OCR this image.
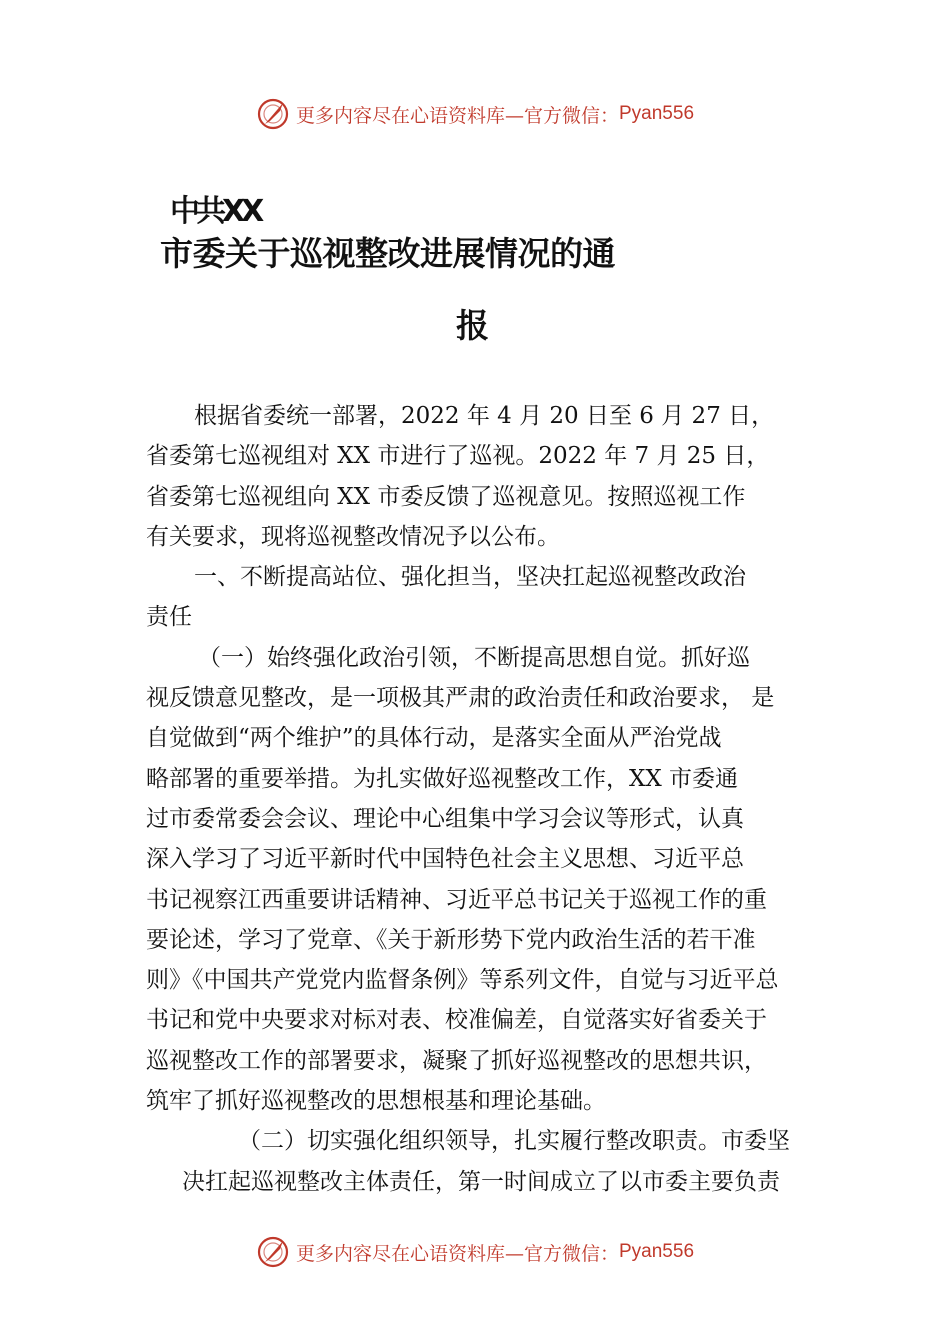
更多内容尽在心语资料库—官方微信： Pyan556
中共XX
市委关于巡视整改进展情况的通
报
根据省委统一部署，2022 年 4 月 20 日至 6 月 27 日，
省委第七巡视组对 XX 市进行了巡视。2022 年 7 月 25 日，
省委第七巡视组向 XX 市委反馈了巡视意见。按照巡视工作
有关要求，现将巡视整改情况予以公布。
一、不断提高站位、强化担当，坚决扛起巡视整改政治
责任
（一）始终强化政治引领，不断提高思想自觉。抓好巡
视反馈意见整改，是一项极其严肃的政治责任和政治要求， 是
自觉做到“两个维护”的具体行动，是落实全面从严治党战
略部署的重要举措。为扎实做好巡视整改工作，XX 市委通
过市委常委会会议、理论中心组集中学习会议等形式，认真
深入学习了习近平新时代中国特色社会主义思想、习近平总
书记视察江西重要讲话精神、习近平总书记关于巡视工作的重
要论述，学习了党章、《关于新形势下党内政治生活的若干准
则》《中国共产党党内监督条例》等系列文件，自觉与习近平总
书记和党中央要求对标对表、校准偏差，自觉落实好省委关于
巡视整改工作的部署要求，凝聚了抓好巡视整改的思想共识，
筑牢了抓好巡视整改的思想根基和理论基础。
（二）切实强化组织领导，扎实履行整改职责。市委坚
决扛起巡视整改主体责任，第一时间成立了以市委主要负责
更多内容尽在心语资料库—官方微信： Pyan556
